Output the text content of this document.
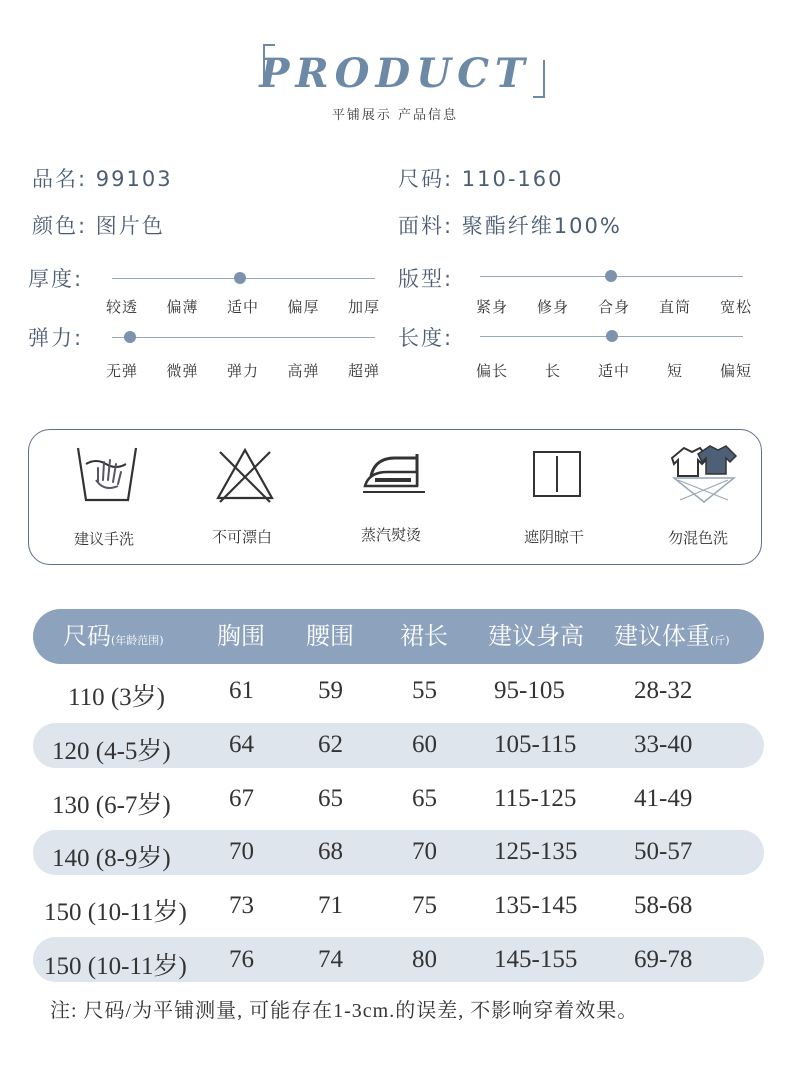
PRODUCT
平铺展示 产品信息
品名: 99103	尺码: 110-160
颜色: 图片色	面料: 聚酯纤维100%
厚度:
较透 偏薄 适中 偏厚 加厚
版型:
紧身 修身 合身 直筒 宽松
弹力:
无弹 微弹 弹力 高弹 超弹
长度:
偏长 长 适中 短 偏短
建议手洗	不可漂白	蒸汽熨烫	遮阴晾干	勿混色洗
尺码(年龄范围) 胸围 腰围 裙长 建议身高 建议体重(斤)
110 (3岁)	61	59	55 95-105	28-32
120 (4-5岁) 64	62	60 105-115 33-40
130 (6-7岁) 67	65	65 115-125 41-49
140 (8-9岁) 70	68	70 125-135 50-57
150 (10-11岁) 73	71	75 135-145 58-68
150 (10-11岁) 76	74	80 145-155 69-78
注: 尺码/为平铺测量, 可能存在1-3cm.的误差, 不影响穿着效果。
